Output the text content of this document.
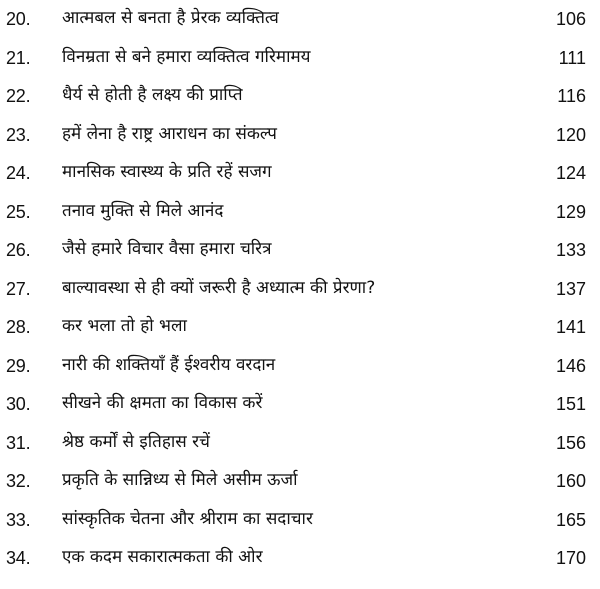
20. आत्मबल से बनता है प्रेरक व्यक्तित्व	106
21. विनम्रता से बने हमारा व्यक्तित्व गरिमामय	111
22. धैर्य से होती है लक्ष्य की प्राप्ति	116
23. हमें लेना है राष्ट्र आराधन का संकल्प	120
24. मानसिक स्वास्थ्य के प्रति रहें सजग	124
25. तनाव मुक्ति से मिले आनंद	129
26. जैसे हमारे विचार वैसा हमारा चरित्र	133
27. बाल्यावस्था से ही क्यों जरूरी है अध्यात्म की प्रेरणा?	137
28. कर भला तो हो भला	141
29. नारी की शक्तियाँ हैं ईश्वरीय वरदान	146
30. सीखने की क्षमता का विकास करें	151
31. श्रेष्ठ कर्मों से इतिहास रचें	156
32. प्रकृति के सान्निध्य से मिले असीम ऊर्जा	160
33. सांस्कृतिक चेतना और श्रीराम का सदाचार	165
34. एक कदम सकारात्मकता की ओर	170
